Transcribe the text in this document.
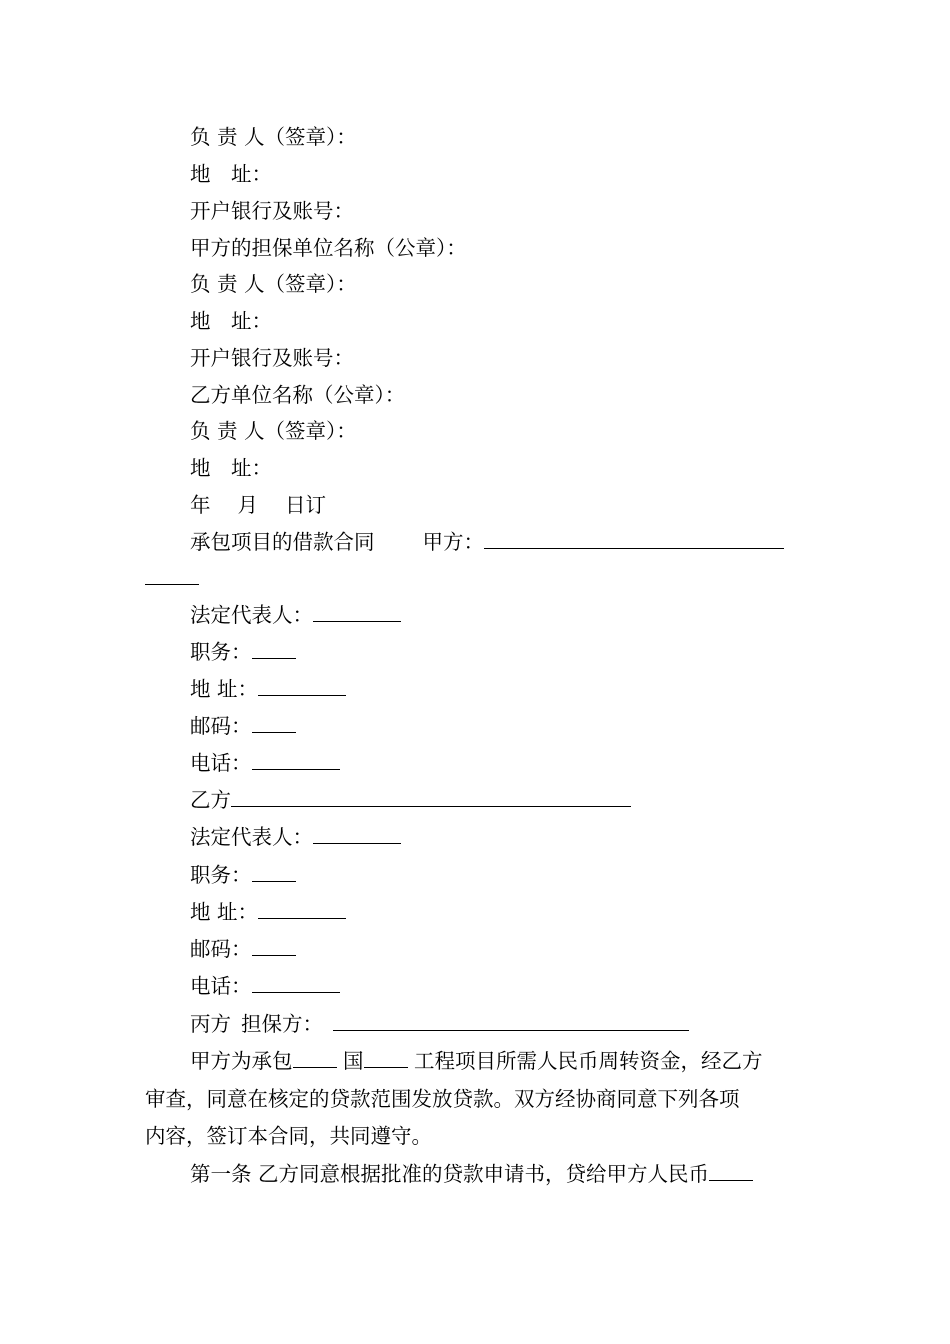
负 责 人（签章）：

地　址：

开户银行及账号：

甲方的担保单位名称（公章）：

负 责 人（签章）：

地　址：

开户银行及账号：

乙方单位名称（公章）：

负 责 人（签章）：

地　址：

年　 月　 日订

承包项目的借款合同 甲方：

法定代表人：

职务：

地 址：

邮码：

电话：

乙方

法定代表人：

职务：

地 址：

邮码：

电话：

丙方 担保方：

甲方为承包 国 工程项目所需人民币周转资金，经乙方

审查，同意在核定的贷款范围发放贷款。双方经协商同意下列各项

内容，签订本合同，共同遵守。

第一条 乙方同意根据批准的贷款申请书，贷给甲方人民币
